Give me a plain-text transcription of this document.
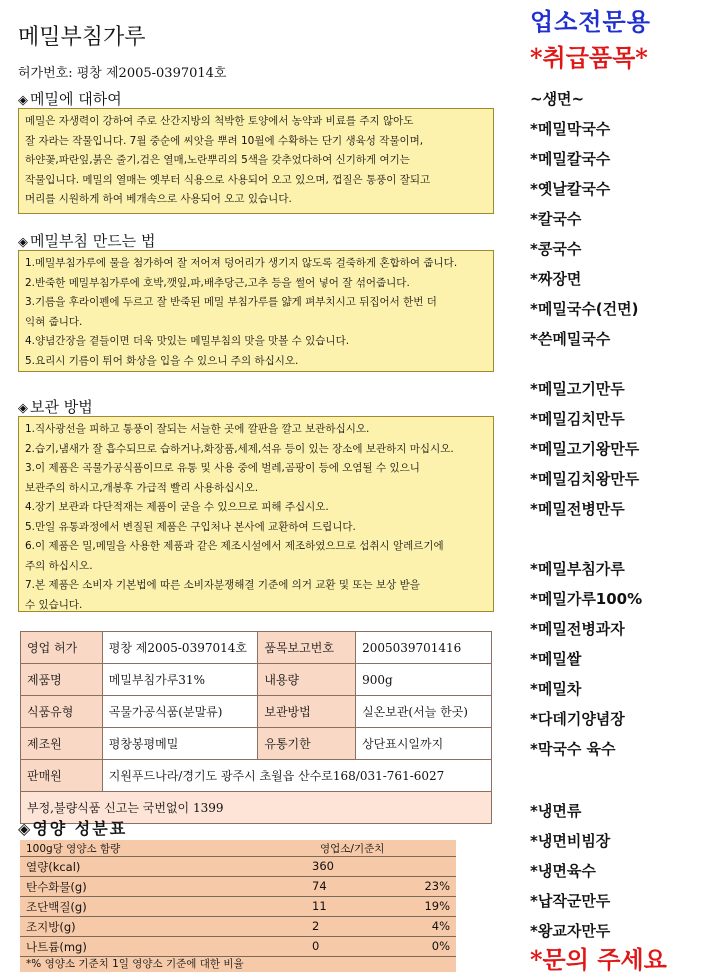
메밀부침가루
허가번호: 평창 제2005-0397014호
◈ 메밀에 대하여

메밀은 자생력이 강하여 주로 산간지방의 척박한 토양에서 농약과 비료를 주지 않아도

잘 자라는 작물입니다. 7월 중순에 씨앗을 뿌려 10월에 수확하는 단기 생육성 작물이며,

하얀꽃,파란잎,붉은 줄기,검은 열매,노란뿌리의 5색을 갖추었다하여 신기하게 여기는

작물입니다. 메밀의 열매는 옛부터 식용으로 사용되어 오고 있으며, 껍질은 통풍이 잘되고

머리를 시원하게 하여 베개속으로 사용되어 오고 있습니다.

◈ 메밀부침 만드는 법

1.메밀부침가루에 물을 첨가하여 잘 저어져 덩어리가 생기지 않도록 걸죽하게 혼합하여 줍니다.

2.반죽한 메밀부침가루에 호박,깻잎,파,배추당근,고추 등을 썰어 넣어 잘 섞어줍니다.

3.기름을 후라이펜에 두르고 잘 반죽된 메밀 부침가루를 얇게 펴부치시고 뒤집어서 한번 더

익혀 줍니다.

4.양념간장을 곁들이면 더욱 맛있는 메밀부침의 맛을 맛볼 수 있습니다.

5.요리시 기름이 튀어 화상을 입을 수 있으니 주의 하십시오.

◈ 보관 방법

1.직사광선을 피하고 통풍이 잘되는 서늘한 곳에 깔판을 깔고 보관하십시오.

2.습기,냄새가 잘 흡수되므로 습하거나,화장품,세제,석유 등이 있는 장소에 보관하지 마십시오.

3.이 제품은 곡물가공식품이므로 유통 및 사용 중에 벌레,곰팡이 등에 오염될 수 있으니

보관주의 하시고,개봉후 가급적 빨리 사용하십시오.

4.장기 보관과 다단적재는 제품이 굳을 수 있으므로 피해 주십시오.

5.만일 유통과정에서 변질된 제품은 구입처나 본사에 교환하여 드립니다.

6.이 제품은 밀,메밀을 사용한 제품과 같은 제조시설에서 제조하였으므로 섭취시 알레르기에

주의 하십시오.

7.본 제품은 소비자 기본법에 따른 소비자분쟁해결 기준에 의거 교환 및 또는 보상 받을

수 있습니다.

영업 허가	평창 제2005-0397014호	품목보고번호	2005039701416
제품명	메밀부침가루31%	내용량	900g
식품유형	곡물가공식품(분말류)	보관방법	실온보관(서늘 한곳)
제조원	평창봉평메밀	유통기한	상단표시일까지
판매원	지원푸드나라/경기도 광주시 초월읍 산수로168/031-761-6027		
부정,불량식품 신고는 국번없이 1399			
◈영양 성분표
100g당 영양소 함량	영업소/기준치
열량(kcal)	360
탄수화물(g)	74	23%
조단백질(g)	11	19%
조지방(g)	2	4%
나트륨(mg)	0	0%
*% 영양소 기준치 1일 영양소 기준에 대한 비율
업소전문용
*취급품목*
~생면~
*메밀막국수
*메밀칼국수
*옛날칼국수
*칼국수
*콩국수
*짜장면
*메밀국수(건면)
*쓴메밀국수
*메밀고기만두
*메밀김치만두
*메밀고기왕만두
*메밀김치왕만두
*메밀전병만두
*메밀부침가루
*메밀가루100%
*메밀전병과자
*메밀쌀
*메밀차
*다데기양념장
*막국수 육수
*냉면류
*냉면비빔장
*냉면육수
*납작군만두
*왕교자만두
*문의 주세요
